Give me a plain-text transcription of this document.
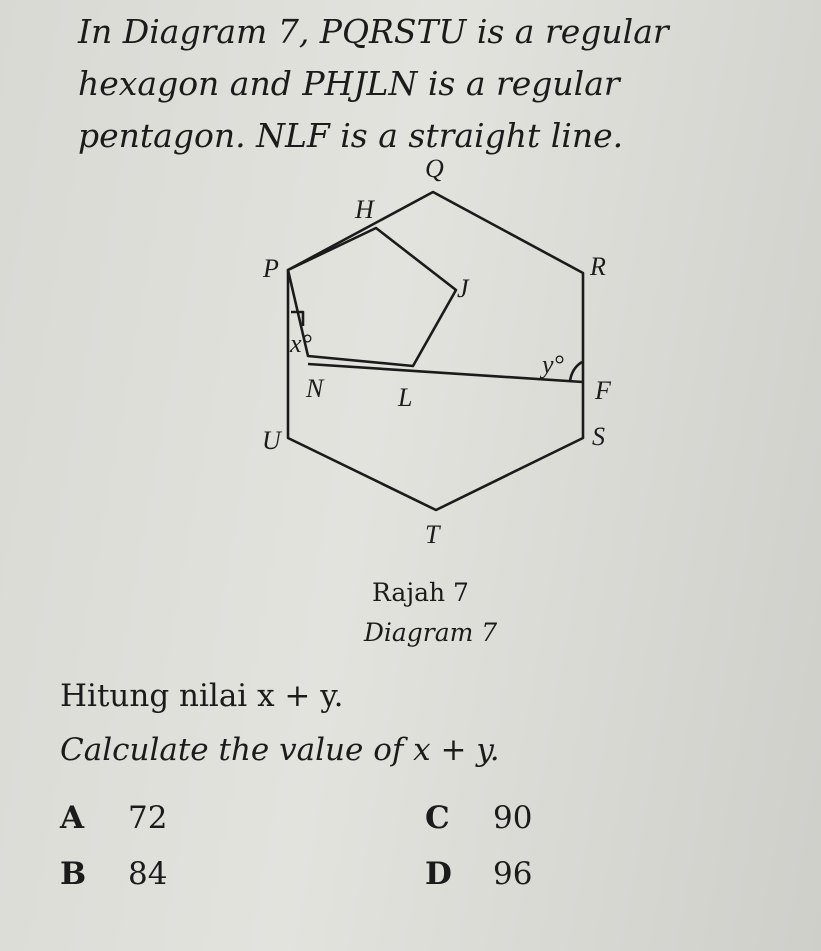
In Diagram 7, PQRSTU is a regular
hexagon and PHJLN is a regular
pentagon. NLF is a straight line.
Q
H
P	R
J
x°
y°
N	L	F
U	S
T
Rajah 7
Diagram 7
Hitung nilai x + y.
Calculate the value of x + y.
A 72
B 84
C 90
D 96
